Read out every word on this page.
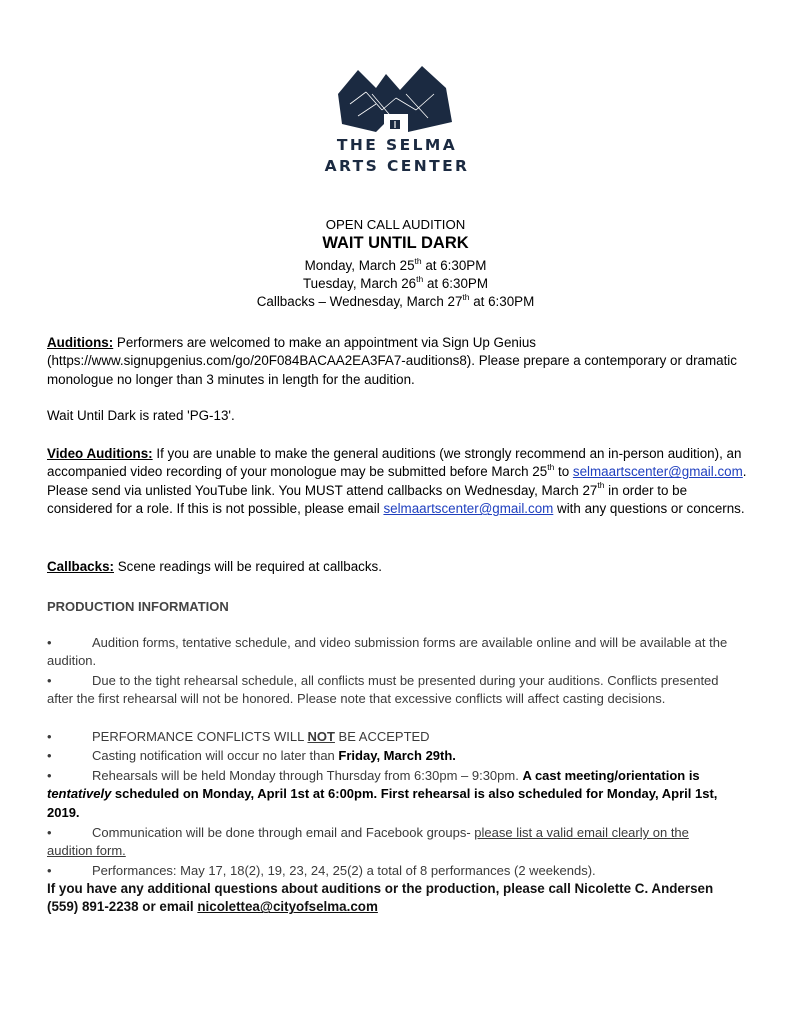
THE SELMA
ARTS CENTER
OPEN CALL AUDITION
WAIT UNTIL DARK
Monday, March 25th at 6:30PM
Tuesday, March 26th at 6:30PM
Callbacks – Wednesday, March 27th at 6:30PM
Auditions: Performers are welcomed to make an appointment via Sign Up Genius (https://www.signupgenius.com/go/20F084BACAA2EA3FA7-auditions8). Please prepare a contemporary or dramatic monologue no longer than 3 minutes in length for the audition.
Wait Until Dark is rated 'PG-13'.
Video Auditions: If you are unable to make the general auditions (we strongly recommend an in-person audition), an accompanied video recording of your monologue may be submitted before March 25th to selmaartscenter@gmail.com. Please send via unlisted YouTube link. You MUST attend callbacks on Wednesday, March 27th in order to be considered for a role. If this is not possible, please email selmaartscenter@gmail.com with any questions or concerns.
Callbacks: Scene readings will be required at callbacks.
PRODUCTION INFORMATION
•	Audition forms, tentative schedule, and video submission forms are available online and will be available at the audition.
•	Due to the tight rehearsal schedule, all conflicts must be presented during your auditions. Conflicts presented after the first rehearsal will not be honored. Please note that excessive conflicts will affect casting decisions.
•	PERFORMANCE CONFLICTS WILL NOT BE ACCEPTED
•	Casting notification will occur no later than Friday, March 29th.
•	Rehearsals will be held Monday through Thursday from 6:30pm – 9:30pm. A cast meeting/orientation is tentatively scheduled on Monday, April 1st at 6:00pm. First rehearsal is also scheduled for Monday, April 1st, 2019.
•	Communication will be done through email and Facebook groups- please list a valid email clearly on the audition form.
•	Performances: May 17, 18(2), 19, 23, 24, 25(2) a total of 8 performances (2 weekends).
If you have any additional questions about auditions or the production, please call Nicolette C. Andersen (559) 891-2238 or email nicolettea@cityofselma.com
